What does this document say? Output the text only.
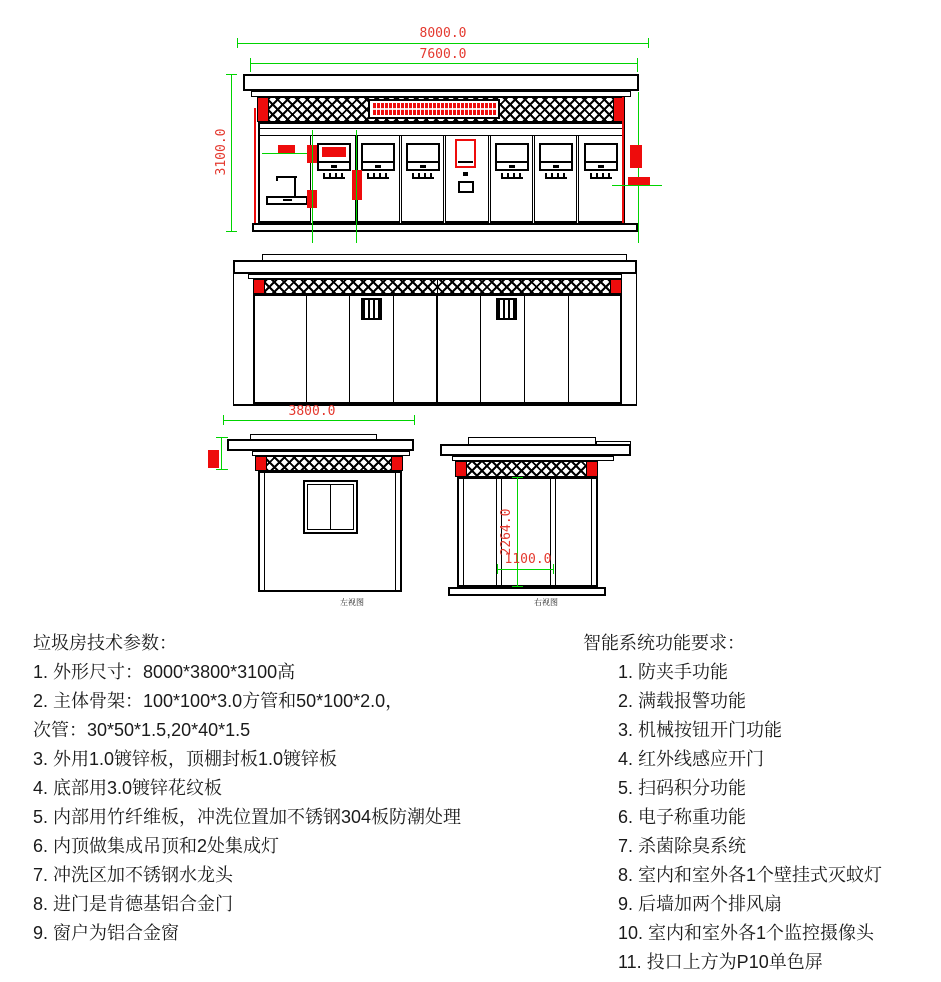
8000.0
7600.0
3100.0
3800.0
左视图
2264.0
1100.0
右视图
垃圾房技术参数：
1. 外形尺寸：8000*3800*3100高
2. 主体骨架：100*100*3.0方管和50*100*2.0，
次管：30*50*1.5,20*40*1.5
3. 外用1.0镀锌板，顶棚封板1.0镀锌板
4. 底部用3.0镀锌花纹板
5. 内部用竹纤维板，冲洗位置加不锈钢304板防潮处理
6. 内顶做集成吊顶和2处集成灯
7. 冲洗区加不锈钢水龙头
8. 进门是肯德基铝合金门
9. 窗户为铝合金窗
智能系统功能要求：
1. 防夹手功能
2. 满载报警功能
3. 机械按钮开门功能
4. 红外线感应开门
5. 扫码积分功能
6. 电子称重功能
7. 杀菌除臭系统
8. 室内和室外各1个壁挂式灭蚊灯
9. 后墙加两个排风扇
10. 室内和室外各1个监控摄像头
11. 投口上方为P10单色屏
